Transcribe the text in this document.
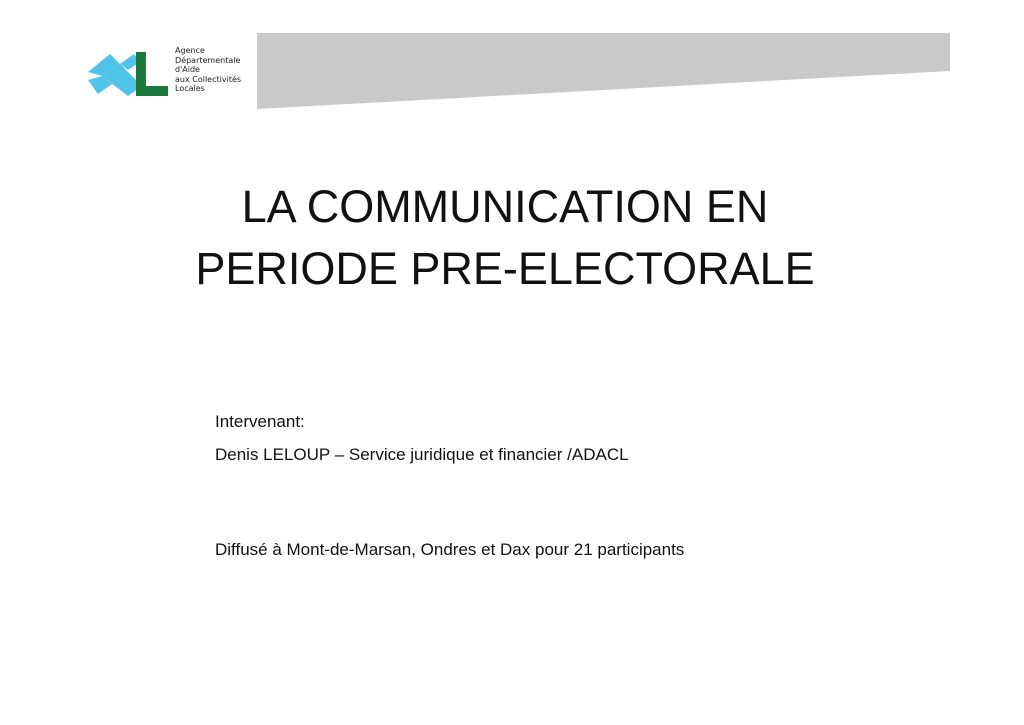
Agence
Départementale
d'Aide
aux Collectivités
Locales
LA COMMUNICATION EN
PERIODE PRE-ELECTORALE
Intervenant:
Denis LELOUP – Service juridique et financier /ADACL
Diffusé à Mont-de-Marsan, Ondres et Dax pour 21 participants
